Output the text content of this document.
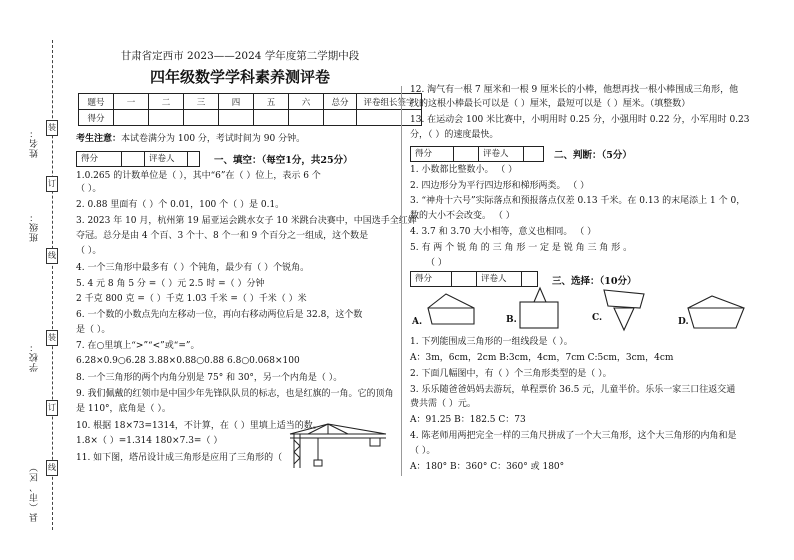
姓名：
班级：
学校：
县（市、区）
装
订
线
装
订
线
甘肃省定西市 2023——2024 学年度第二学期中段
四年级数学学科素养测评卷
题号	一	二	三	四	五	六	总分	评卷组长签字
得分								
考生注意：本试卷满分为 100 分，考试时间为 90 分钟。
得分	评卷人	一、填空：（每空1分，共25分）
1.0.265 的计数单位是（ ），其中“6”在（ ）位上，表示 6 个
（ ）。
2. 0.88 里面有（ ）个 0.01，100 个（ ）是 0.1。
3. 2023 年 10 月，杭州第 19 届亚运会跳水女子 10 米跳台决赛中，中国选手全红婵
夺冠。总分是由 4 个百、3 个十、8 个一和 9 个百分之一组成，这个数是
（ ）。
4. 一个三角形中最多有（ ）个钝角，最少有（ ）个锐角。
5. 4 元 8 角 5 分 =（ ）元 2.5 时 =（ ）分钟
2 千克 800 克 =（ ）千克 1.03 千米 =（ ）千米（ ）米
6. 一个数的小数点先向左移动一位，再向右移动两位后是 32.8，这个数
是（ ）。
7. 在○里填上“>”“<”或“=”。
6.28×0.9○6.28 3.88×0.88○0.88 6.8○0.068×100
8. 一个三角形的两个内角分别是 75° 和 30°，另一个内角是（ ）。
9. 我们佩戴的红领巾是中国少年先锋队队员的标志，也是红旗的一角。它的顶角
是 110°，底角是（ ）。
10. 根据 18×73=1314，不计算，在（ ）里填上适当的数。
1.8×（ ）=1.314 180×7.3=（ ）
11. 如下图，塔吊设计成三角形是应用了三角形的（
12. 淘气有一根 7 厘米和一根 9 厘米长的小棒，他想再找一根小棒围成三角形，他
找的这根小棒最长可以是（ ）厘米，最短可以是（ ）厘米。（填整数）
13. 在运动会 100 米比赛中，小明用时 0.25 分，小强用时 0.22 分，小军用时 0.23
分，（ ）的速度最快。
得分	评卷人	二、判断：（5分）
1. 小数都比整数小。 （ ）
2. 四边形分为平行四边形和梯形两类。 （ ）
3. “神舟十六号”实际落点和预报落点仅差 0.13 千米。在 0.13 的末尾添上 1 个 0，
数的大小不会改变。 （ ）
4. 3.7 和 3.70 大小相等，意义也相同。 （ ）
5. 有 两 个 锐 角 的 三 角 形 一 定 是 锐 角 三 角 形 。
（ ）
得分	评卷人	三、选择：（10分）
A.	B.	C.	D.
1. 下列能围成三角形的一组线段是（ ）。
A：3m，6cm，2cm B:3cm，4cm，7cm C:5cm，3cm，4cm
2. 下面几幅图中，有（ ）个三角形类型的是（ ）。
3. 乐乐随爸爸妈妈去游玩，单程票价 36.5 元，儿童半价。乐乐一家三口往返交通
费共需（ ）元。
A：91.25 B：182.5 C：73
4. 陈老师用两把完全一样的三角尺拼成了一个大三角形，这个大三角形的内角和是
（ ）。
A：180° B：360° C：360° 或 180°
